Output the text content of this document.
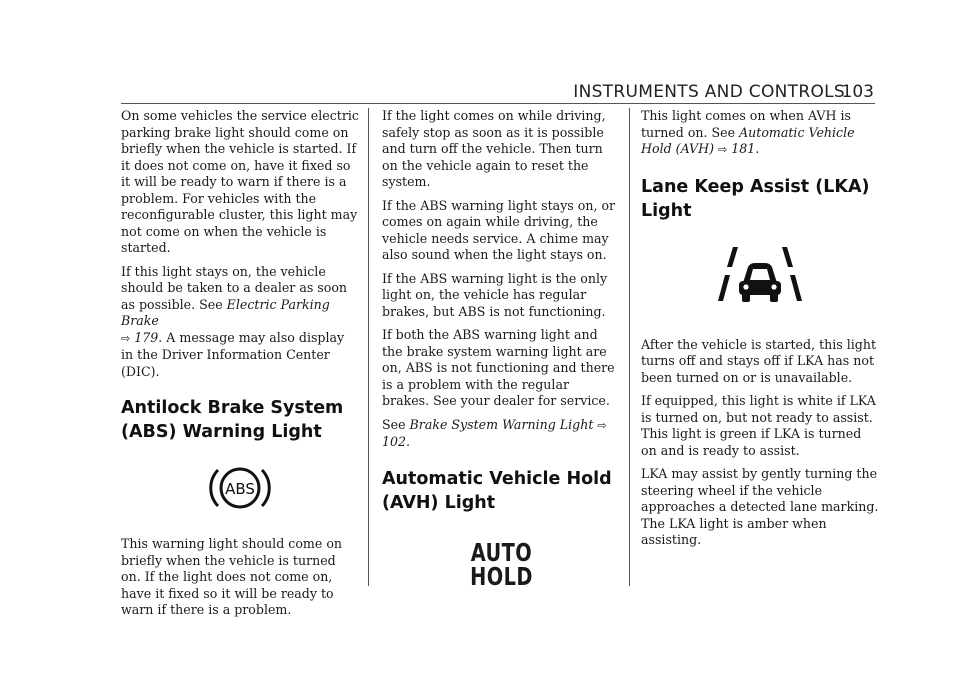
INSTRUMENTS AND CONTROLS
103

On some vehicles the service electric parking brake light should come on briefly when the vehicle is started. If it does not come on, have it fixed so it will be ready to warn if there is a problem. For vehicles with the reconfigurable cluster, this light may not come on when the vehicle is started.

If this light stays on, the vehicle should be taken to a dealer as soon as possible. See Electric Parking Brake
⇨ 179. A message may also display in the Driver Information Center (DIC).

Antilock Brake System (ABS) Warning Light
ABS

This warning light should come on briefly when the vehicle is turned on. If the light does not come on, have it fixed so it will be ready to warn if there is a problem.

If the light comes on while driving, safely stop as soon as it is possible and turn off the vehicle. Then turn on the vehicle again to reset the system.

If the ABS warning light stays on, or comes on again while driving, the vehicle needs service. A chime may also sound when the light stays on.

If the ABS warning light is the only light on, the vehicle has regular brakes, but ABS is not functioning.

If both the ABS warning light and the brake system warning light are on, ABS is not functioning and there is a problem with the regular brakes. See your dealer for service.

See Brake System Warning Light ⇨ 102.

Automatic Vehicle Hold (AVH) Light
AUTO
HOLD

This light comes on when AVH is turned on. See Automatic Vehicle Hold (AVH) ⇨ 181.

Lane Keep Assist (LKA) Light

After the vehicle is started, this light turns off and stays off if LKA has not been turned on or is unavailable.

If equipped, this light is white if LKA is turned on, but not ready to assist. This light is green if LKA is turned on and is ready to assist.

LKA may assist by gently turning the steering wheel if the vehicle approaches a detected lane marking. The LKA light is amber when assisting.
